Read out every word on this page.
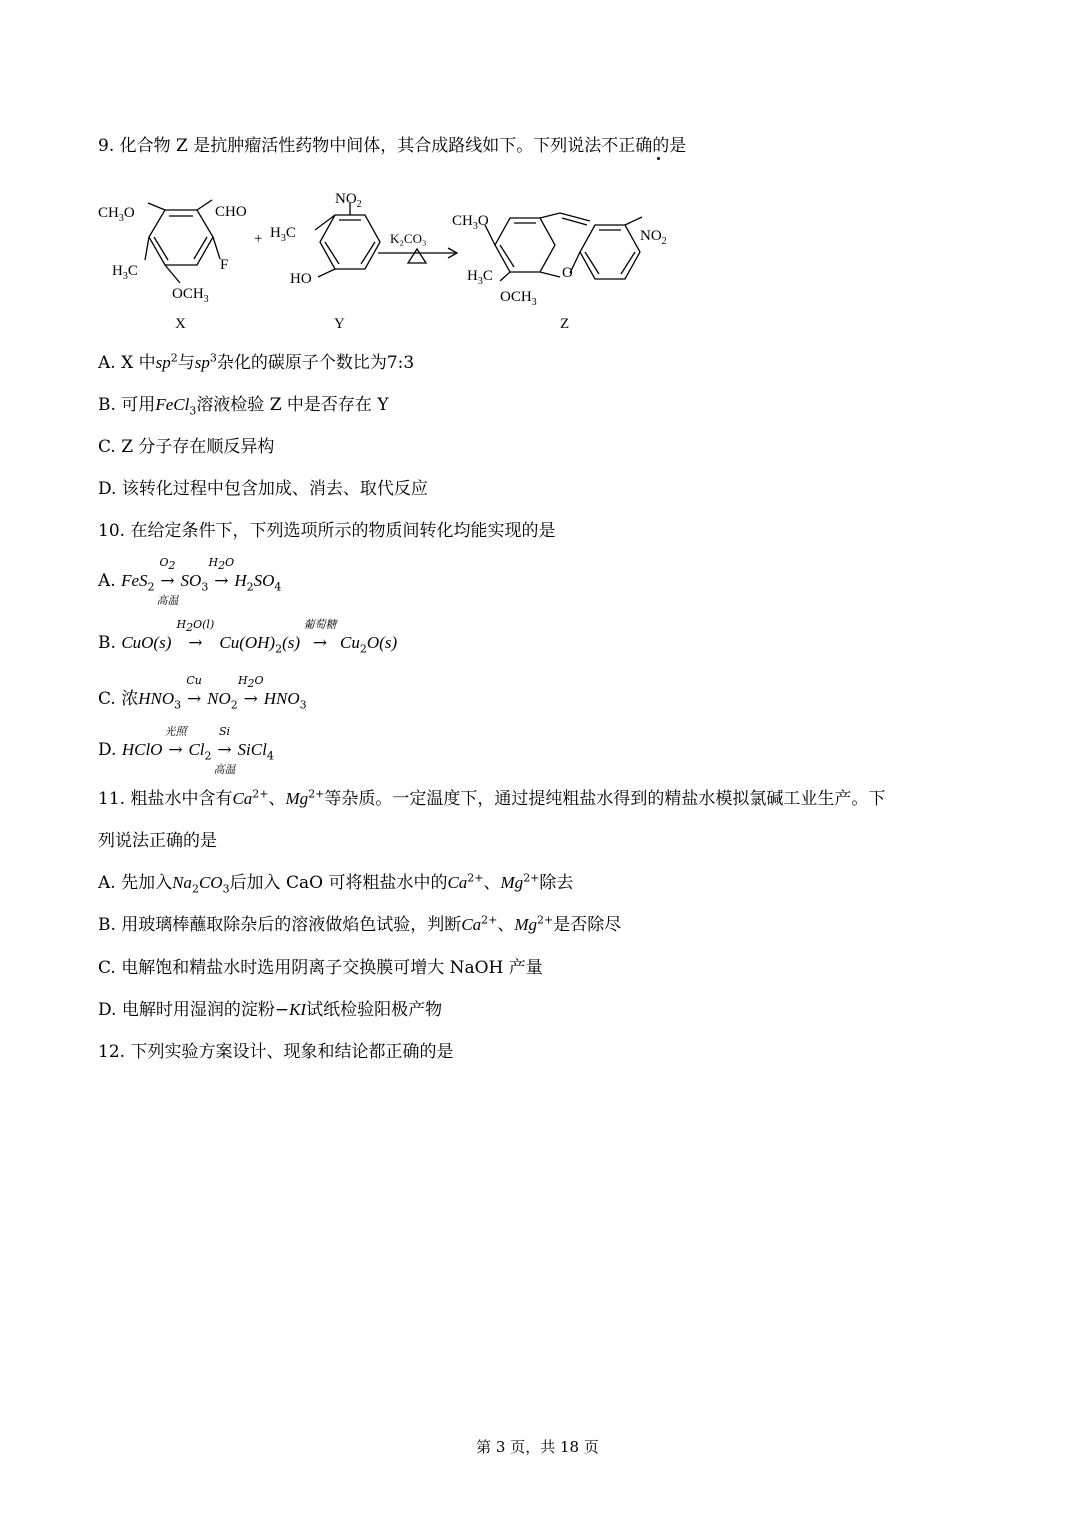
9. 化合物 Z 是抗肿瘤活性药物中间体，其合成路线如下。下列说法不正确的是
$CH_3O$	CHO
F
$H_3C$
$OCH_3$
X
+
$NO_2$
$H_3C$
HO
Y
K₂CO₃
$CH_3O$
$H_3C$	O
$OCH_3$
$NO_2$
Z
A. X 中$sp^2$与$sp^3$杂化的碳原子个数比为7:3
B. 可用FeCl$_3$溶液检验 Z 中是否存在 Y
C. Z 分子存在顺反异构
D. 该转化过程中包含加成、消去、取代反应
10. 在给定条件下，下列选项所示的物质间转化均能实现的是
A. FeS$_2$ →
$O_2$
高温
$SO_3$ →
$H_2O$
$H_2SO_4$
B. CuO(s) →
$H_2O(l)$
$Cu(OH)_2(s)$ →
葡萄糖
$Cu_2O(s)$
C. 浓$HNO_3$ →
Cu
$NO_2$ →
$H_2O$
$HNO_3$
D. HClO →
光照
$Cl_2$ →
Si
高温
SiCl$_4$
11. 粗盐水中含有$Ca^{2+}$、$Mg^{2+}$等杂质。一定温度下，通过提纯粗盐水得到的精盐水模拟氯碱工业生产。下
列说法正确的是
A. 先加入$Na_2CO_3$后加入 CaO 可将粗盐水中的$Ca^{2+}$、$Mg^{2+}$除去
B. 用玻璃棒蘸取除杂后的溶液做焰色试验，判断$Ca^{2+}$、$Mg^{2+}$是否除尽
C. 电解饱和精盐水时选用阴离子交换膜可增大 NaOH 产量
D. 电解时用湿润的淀粉−KI试纸检验阳极产物
12. 下列实验方案设计、现象和结论都正确的是
第 3 页，共 18 页
